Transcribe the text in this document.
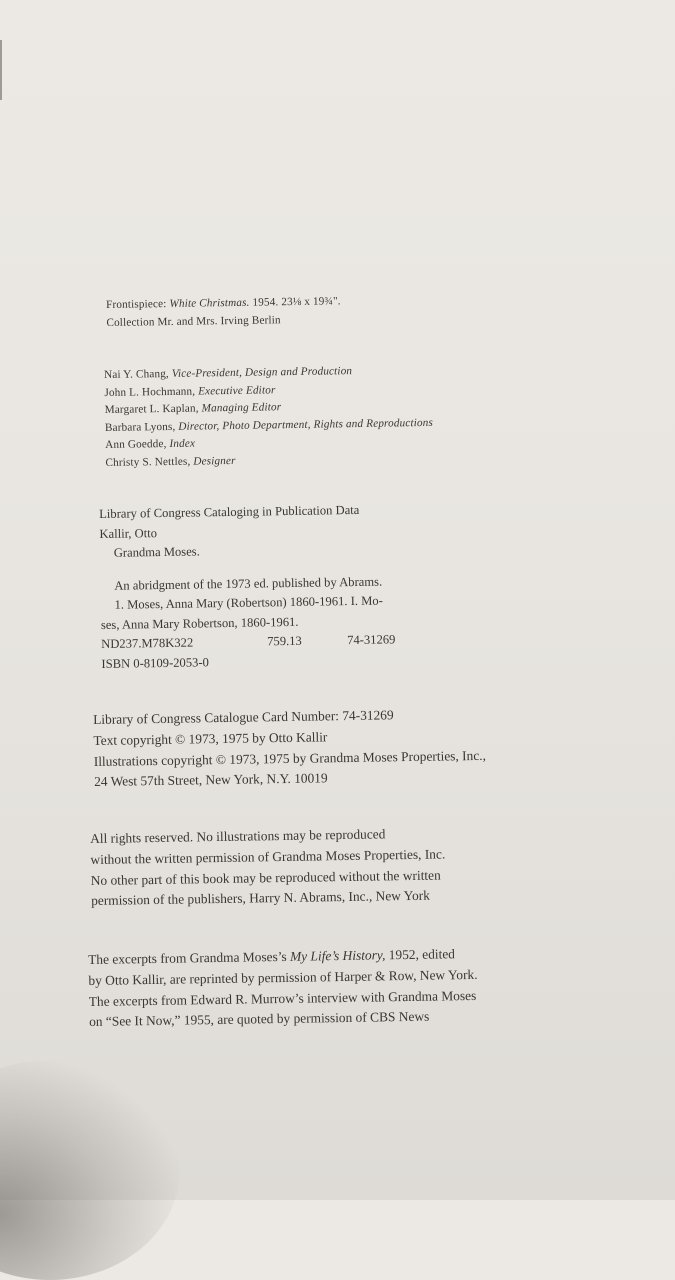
Frontispiece: White Christmas. 1954. 23⅛ x 19¾".
Collection Mr. and Mrs. Irving Berlin
Nai Y. Chang, Vice-President, Design and Production
John L. Hochmann, Executive Editor
Margaret L. Kaplan, Managing Editor
Barbara Lyons, Director, Photo Department, Rights and Reproductions
Ann Goedde, Index
Christy S. Nettles, Designer
Library of Congress Cataloging in Publication Data
Kallir, Otto
Grandma Moses.
An abridgment of the 1973 ed. published by Abrams.
1. Moses, Anna Mary (Robertson) 1860-1961. I. Mo-
ses, Anna Mary Robertson, 1860-1961.
ND237.M78K322	759.13	74-31269
ISBN 0-8109-2053-0
Library of Congress Catalogue Card Number: 74-31269
Text copyright © 1973, 1975 by Otto Kallir
Illustrations copyright © 1973, 1975 by Grandma Moses Properties, Inc.,
24 West 57th Street, New York, N.Y. 10019
All rights reserved. No illustrations may be reproduced
without the written permission of Grandma Moses Properties, Inc.
No other part of this book may be reproduced without the written
permission of the publishers, Harry N. Abrams, Inc., New York
The excerpts from Grandma Moses’s My Life’s History, 1952, edited
by Otto Kallir, are reprinted by permission of Harper & Row, New York.
The excerpts from Edward R. Murrow’s interview with Grandma Moses
on “See It Now,” 1955, are quoted by permission of CBS News
